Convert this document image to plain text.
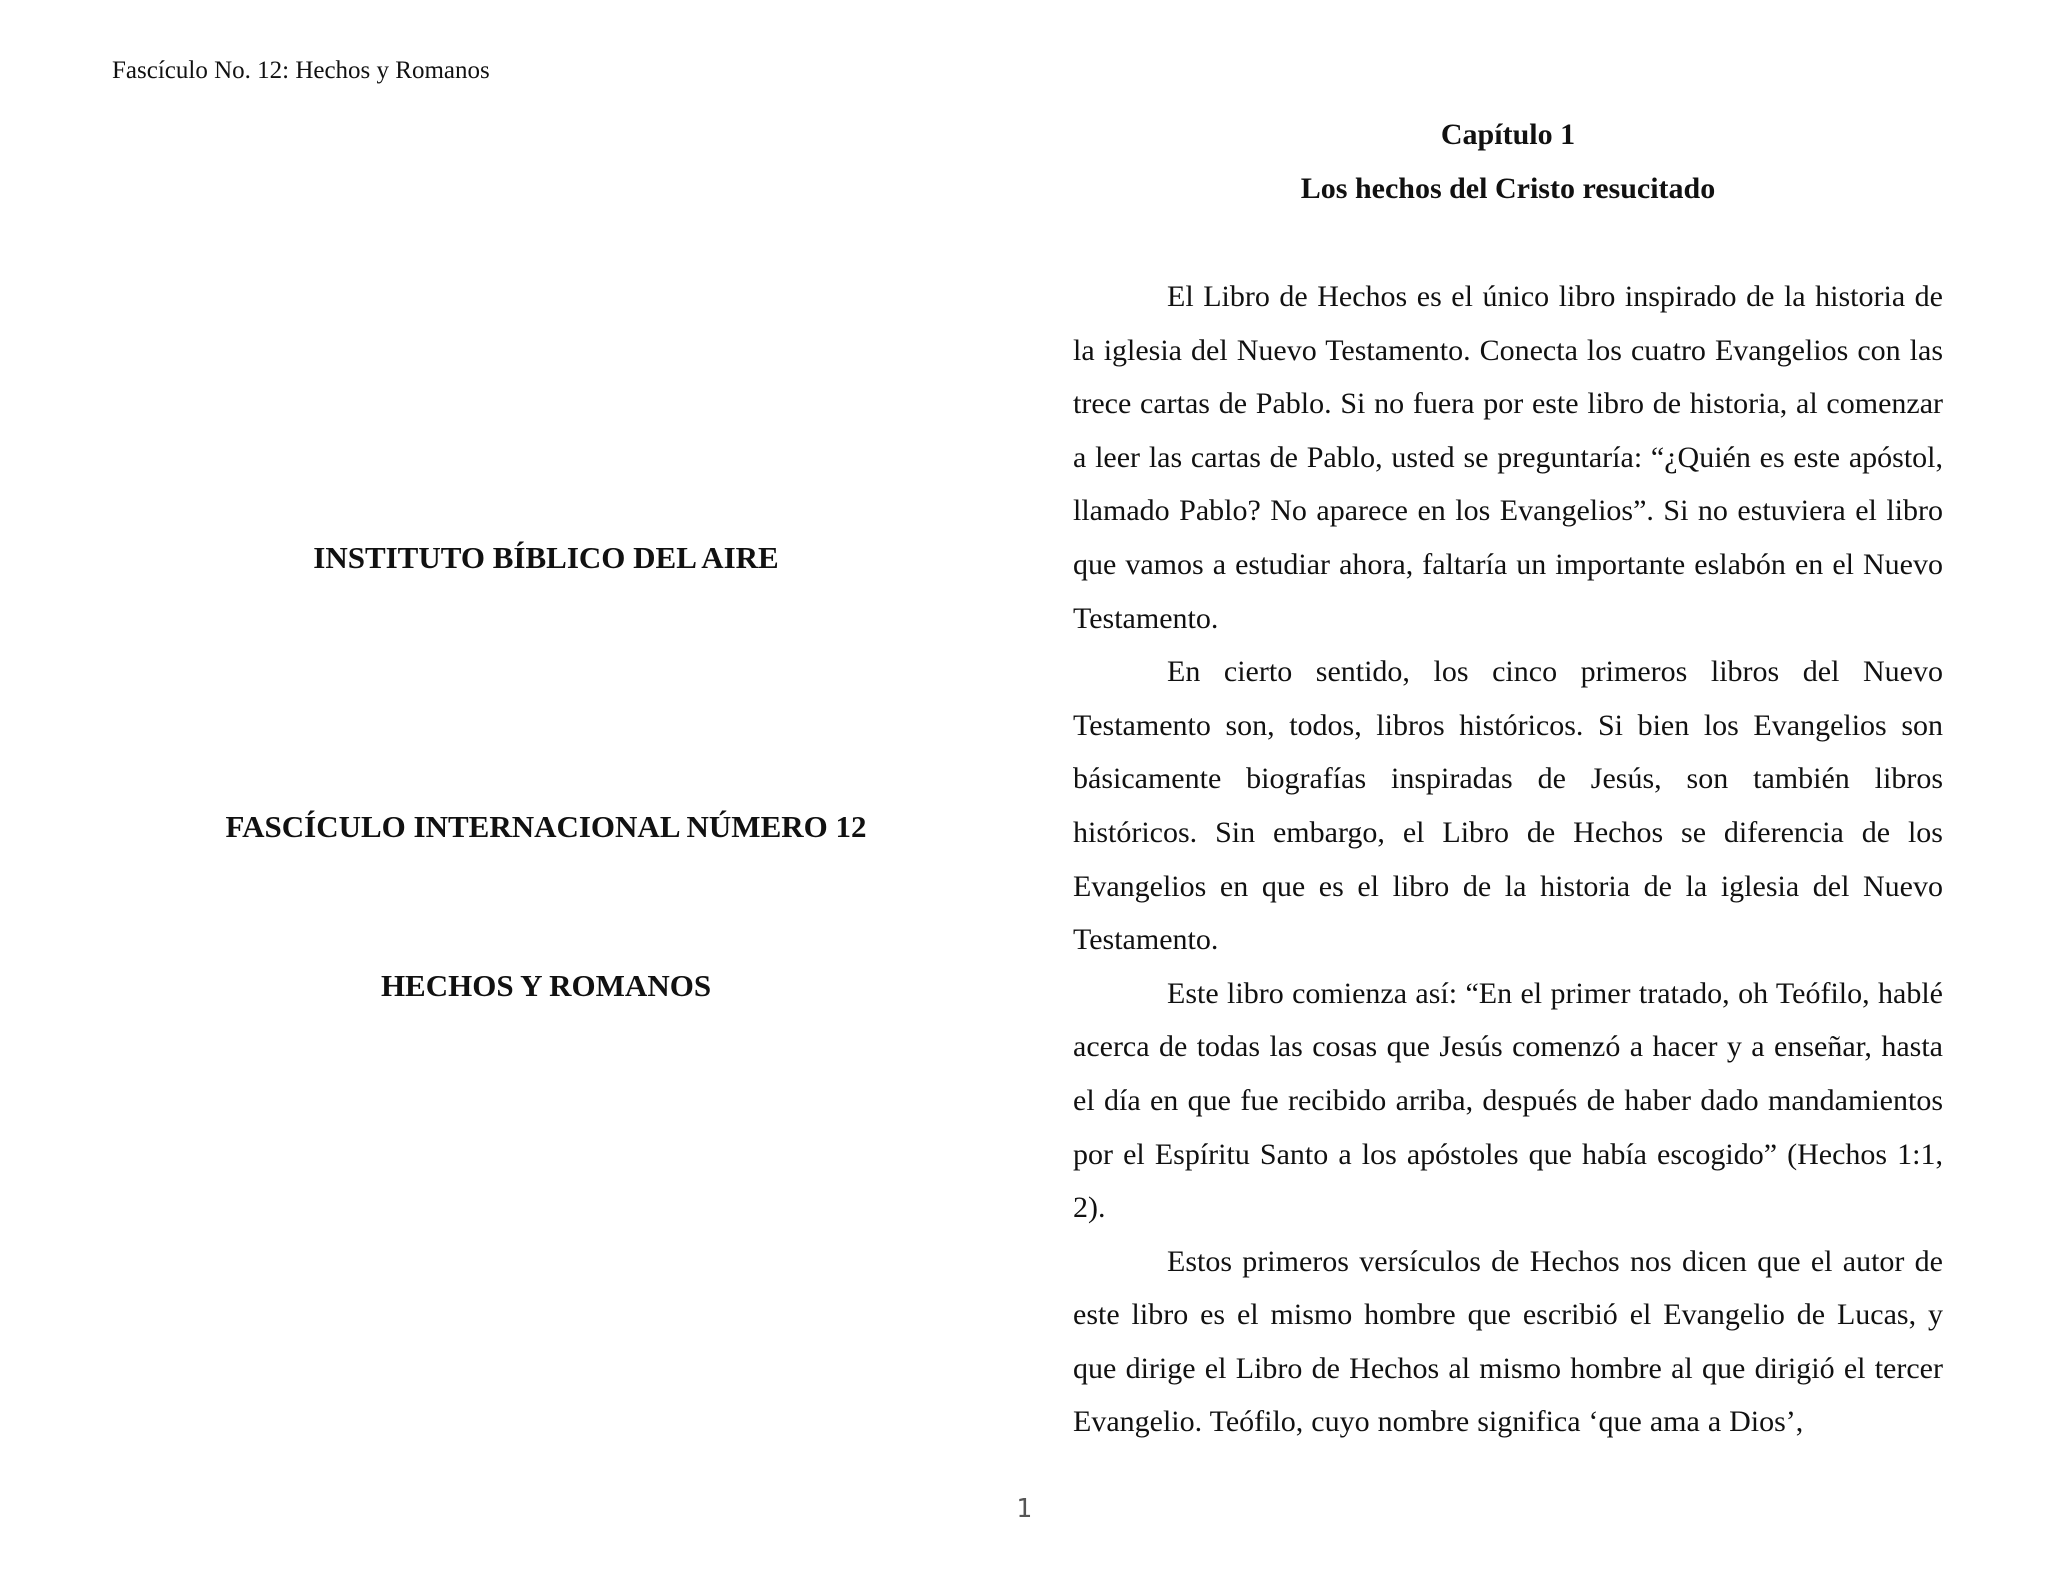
Fascículo No. 12: Hechos y Romanos
INSTITUTO BÍBLICO DEL AIRE
FASCÍCULO INTERNACIONAL NÚMERO 12
HECHOS Y ROMANOS
Capítulo 1
Los hechos del Cristo resucitado

El Libro de Hechos es el único libro inspirado de la historia de la iglesia del Nuevo Testamento. Conecta los cuatro Evangelios con las trece cartas de Pablo. Si no fuera por este libro de historia, al comenzar a leer las cartas de Pablo, usted se preguntaría: “¿Quién es este apóstol, llamado Pablo? No aparece en los Evangelios”. Si no estuviera el libro que vamos a estudiar ahora, faltaría un importante eslabón en el Nuevo Testamento.

En cierto sentido, los cinco primeros libros del Nuevo Testamento son, todos, libros históricos. Si bien los Evangelios son básicamente biografías inspiradas de Jesús, son también libros históricos. Sin embargo, el Libro de Hechos se diferencia de los Evangelios en que es el libro de la historia de la iglesia del Nuevo Testamento.

Este libro comienza así: “En el primer tratado, oh Teófilo, hablé acerca de todas las cosas que Jesús comenzó a hacer y a enseñar, hasta el día en que fue recibido arriba, después de haber dado mandamientos por el Espíritu Santo a los apóstoles que había escogido” (Hechos 1:1, 2).

Estos primeros versículos de Hechos nos dicen que el autor de este libro es el mismo hombre que escribió el Evangelio de Lucas, y que dirige el Libro de Hechos al mismo hombre al que dirigió el tercer Evangelio. Teófilo, cuyo nombre significa ‘que ama a Dios’,

1
